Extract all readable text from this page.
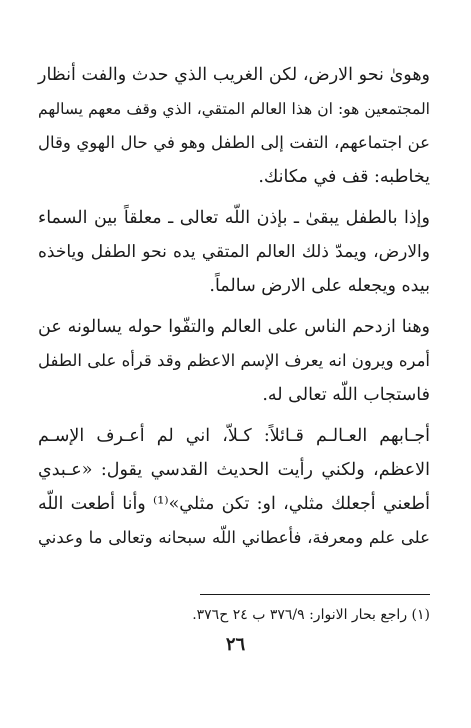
وهوىٰ نحو الارض، لكن الغريب الذي حدث والفت أنظار
المجتمعين هو: ان هذا العالم المتقي، الذي وقف معهم يسالهم
عن اجتماعهم، التفت إلى الطفل وهو في حال الهوي وقال
يخاطبه: قف في مكانك.
وإذا بالطفل يبقىٰ ـ بإذن اللّه تعالى ـ معلقاً بين السماء
والارض، ويمدّ ذلك العالم المتقي يده نحو الطفل وياخذه
بيده ويجعله على الارض سالماً.
وهنا ازدحم الناس على العالم والتفّوا حوله يسالونه عن
أمره ويرون انه يعرف الإسم الاعظم وقد قرأه على الطفل
فاستجاب اللّه تعالى له.
أجـابهم العـالـم قـائلاً: كـلاّ، اني لم أعـرف الإسـم
الاعظم، ولكني رأيت الحديث القدسي يقول: «عـبدي
أطعني أجعلك مثلي، او: تكن مثلي»⁽¹⁾ وأنا أطعت اللّه
على علم ومعرفة، فأعطاني اللّه سبحانه وتعالى ما وعدني
(١) راجع بحار الانوار: ٣٧٦/٩ ب ٢٤ ح٣٧٦.
٢٦
